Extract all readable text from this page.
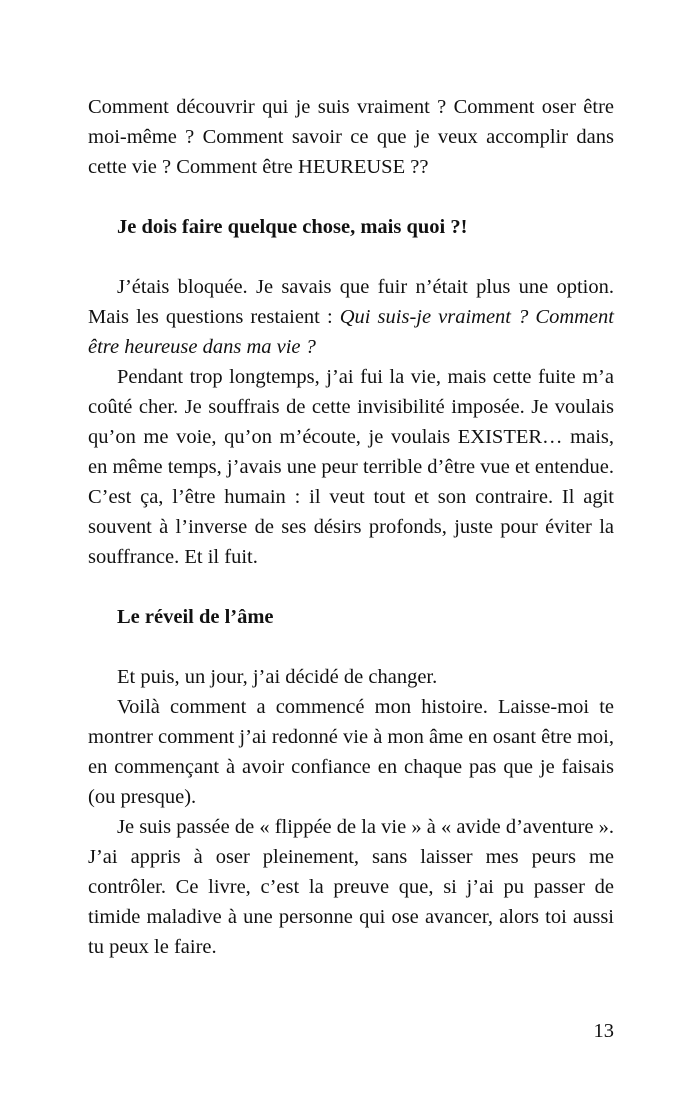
Comment découvrir qui je suis vraiment ? Comment oser être moi-même ? Comment savoir ce que je veux accomplir dans cette vie ? Comment être HEUREUSE ??

Je dois faire quelque chose, mais quoi ?!

J’étais bloquée. Je savais que fuir n’était plus une option. Mais les questions restaient : Qui suis-je vraiment ? Comment être heureuse dans ma vie ?

Pendant trop longtemps, j’ai fui la vie, mais cette fuite m’a coûté cher. Je souffrais de cette invisibilité imposée. Je voulais qu’on me voie, qu’on m’écoute, je voulais EXISTER… mais, en même temps, j’avais une peur terrible d’être vue et entendue. C’est ça, l’être humain : il veut tout et son contraire. Il agit souvent à l’inverse de ses désirs profonds, juste pour éviter la souffrance. Et il fuit.

Le réveil de l’âme

Et puis, un jour, j’ai décidé de changer.

Voilà comment a commencé mon histoire. Laisse-moi te montrer comment j’ai redonné vie à mon âme en osant être moi, en commençant à avoir confiance en chaque pas que je faisais (ou presque).

Je suis passée de « flippée de la vie » à « avide d’aventure ». J’ai appris à oser pleinement, sans laisser mes peurs me contrôler. Ce livre, c’est la preuve que, si j’ai pu passer de timide maladive à une personne qui ose avancer, alors toi aussi tu peux le faire.

13
